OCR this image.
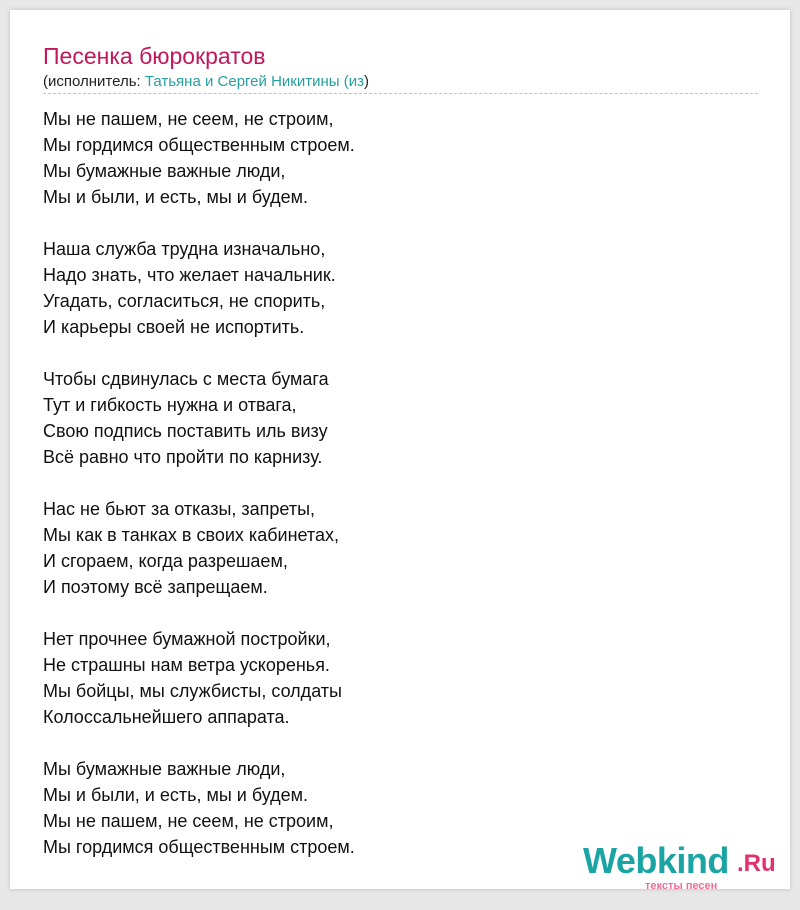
Песенка бюрократов
(исполнитель: Татьяна и Сергей Никитины (из)
Мы не пашем, не сеем, не строим,
Мы гордимся общественным строем.
Мы бумажные важные люди,
Мы и были, и есть, мы и будем.
Наша служба трудна изначально,
Надо знать, что желает начальник.
Угадать, согласиться, не спорить,
И карьеры своей не испортить.
Чтобы сдвинулась с места бумага
Тут и гибкость нужна и отвага,
Свою подпись поставить иль визу
Всё равно что пройти по карнизу.
Нас не бьют за отказы, запреты,
Мы как в танках в своих кабинетах,
И сгораем, когда разрешаем,
И поэтому всё запрещаем.
Нет прочнее бумажной постройки,
Не страшны нам ветра ускоренья.
Мы бойцы, мы службисты, солдаты
Колоссальнейшего аппарата.
Мы бумажные важные люди,
Мы и были, и есть, мы и будем.
Мы не пашем, не сеем, не строим,
Мы гордимся общественным строем.	Webkind .Ru
тексты песен
